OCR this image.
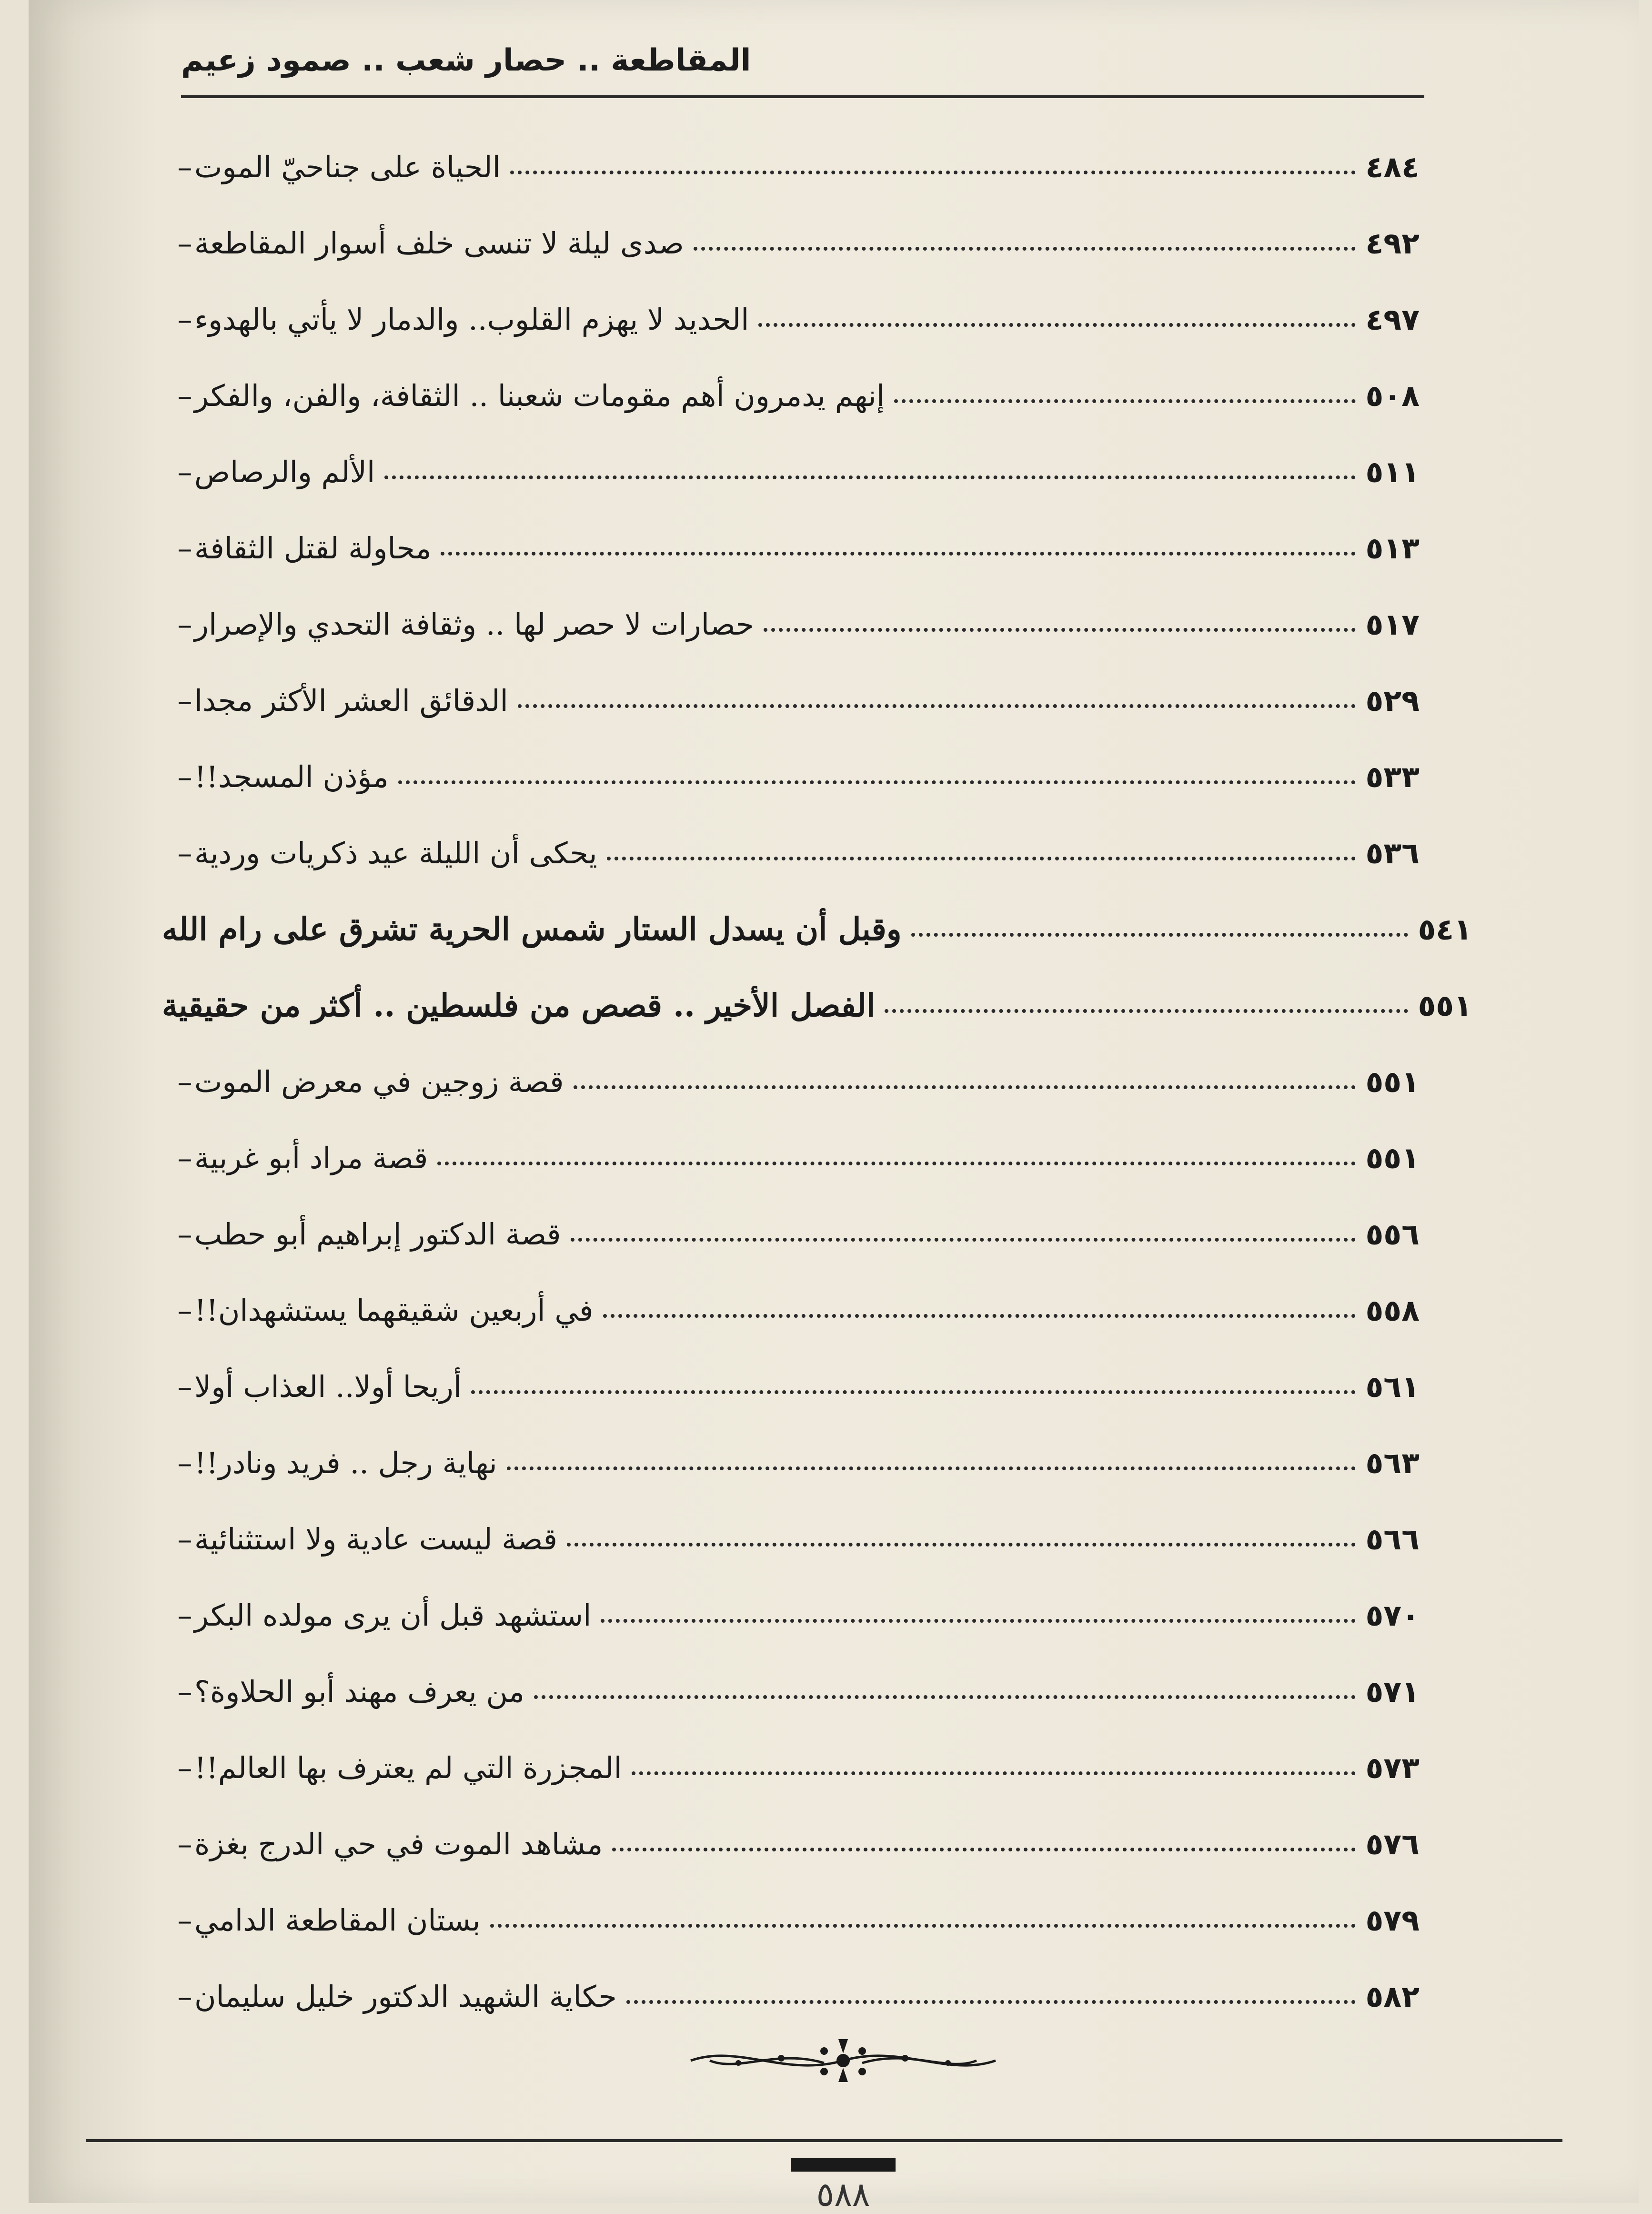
المقاطعة .. حصار شعب .. صمود زعيم
– الحياة على جناحيّ الموت	٤٨٤
– صدى ليلة لا تنسى خلف أسوار المقاطعة	٤٩٢
– الحديد لا يهزم القلوب.. والدمار لا يأتي بالهدوء	٤٩٧
– إنهم يدمرون أهم مقومات شعبنا .. الثقافة، والفن، والفكر	٥٠٨
– الألم والرصاص	٥١١
– محاولة لقتل الثقافة	٥١٣
– حصارات لا حصر لها .. وثقافة التحدي والإصرار	٥١٧
– الدقائق العشر الأكثر مجدا	٥٢٩
– مؤذن المسجد!!	٥٣٣
– يحكى أن الليلة عيد ذكريات وردية	٥٣٦
وقبل أن يسدل الستار شمس الحرية تشرق على رام الله	٥٤١
الفصل الأخير .. قصص من فلسطين .. أكثر من حقيقية	٥٥١
– قصة زوجين في معرض الموت	٥٥١
– قصة مراد أبو غربية	٥٥١
– قصة الدكتور إبراهيم أبو حطب	٥٥٦
– في أربعين شقيقهما يستشهدان!!	٥٥٨
– أريحا أولا.. العذاب أولا	٥٦١
– نهاية رجل .. فريد ونادر!!	٥٦٣
– قصة ليست عادية ولا استثنائية	٥٦٦
– استشهد قبل أن يرى مولده البكر	٥٧٠
– من يعرف مهند أبو الحلاوة؟	٥٧١
– المجزرة التي لم يعترف بها العالم!!	٥٧٣
– مشاهد الموت في حي الدرج بغزة	٥٧٦
– بستان المقاطعة الدامي	٥٧٩
– حكاية الشهيد الدكتور خليل سليمان	٥٨٢
٥٨٨
